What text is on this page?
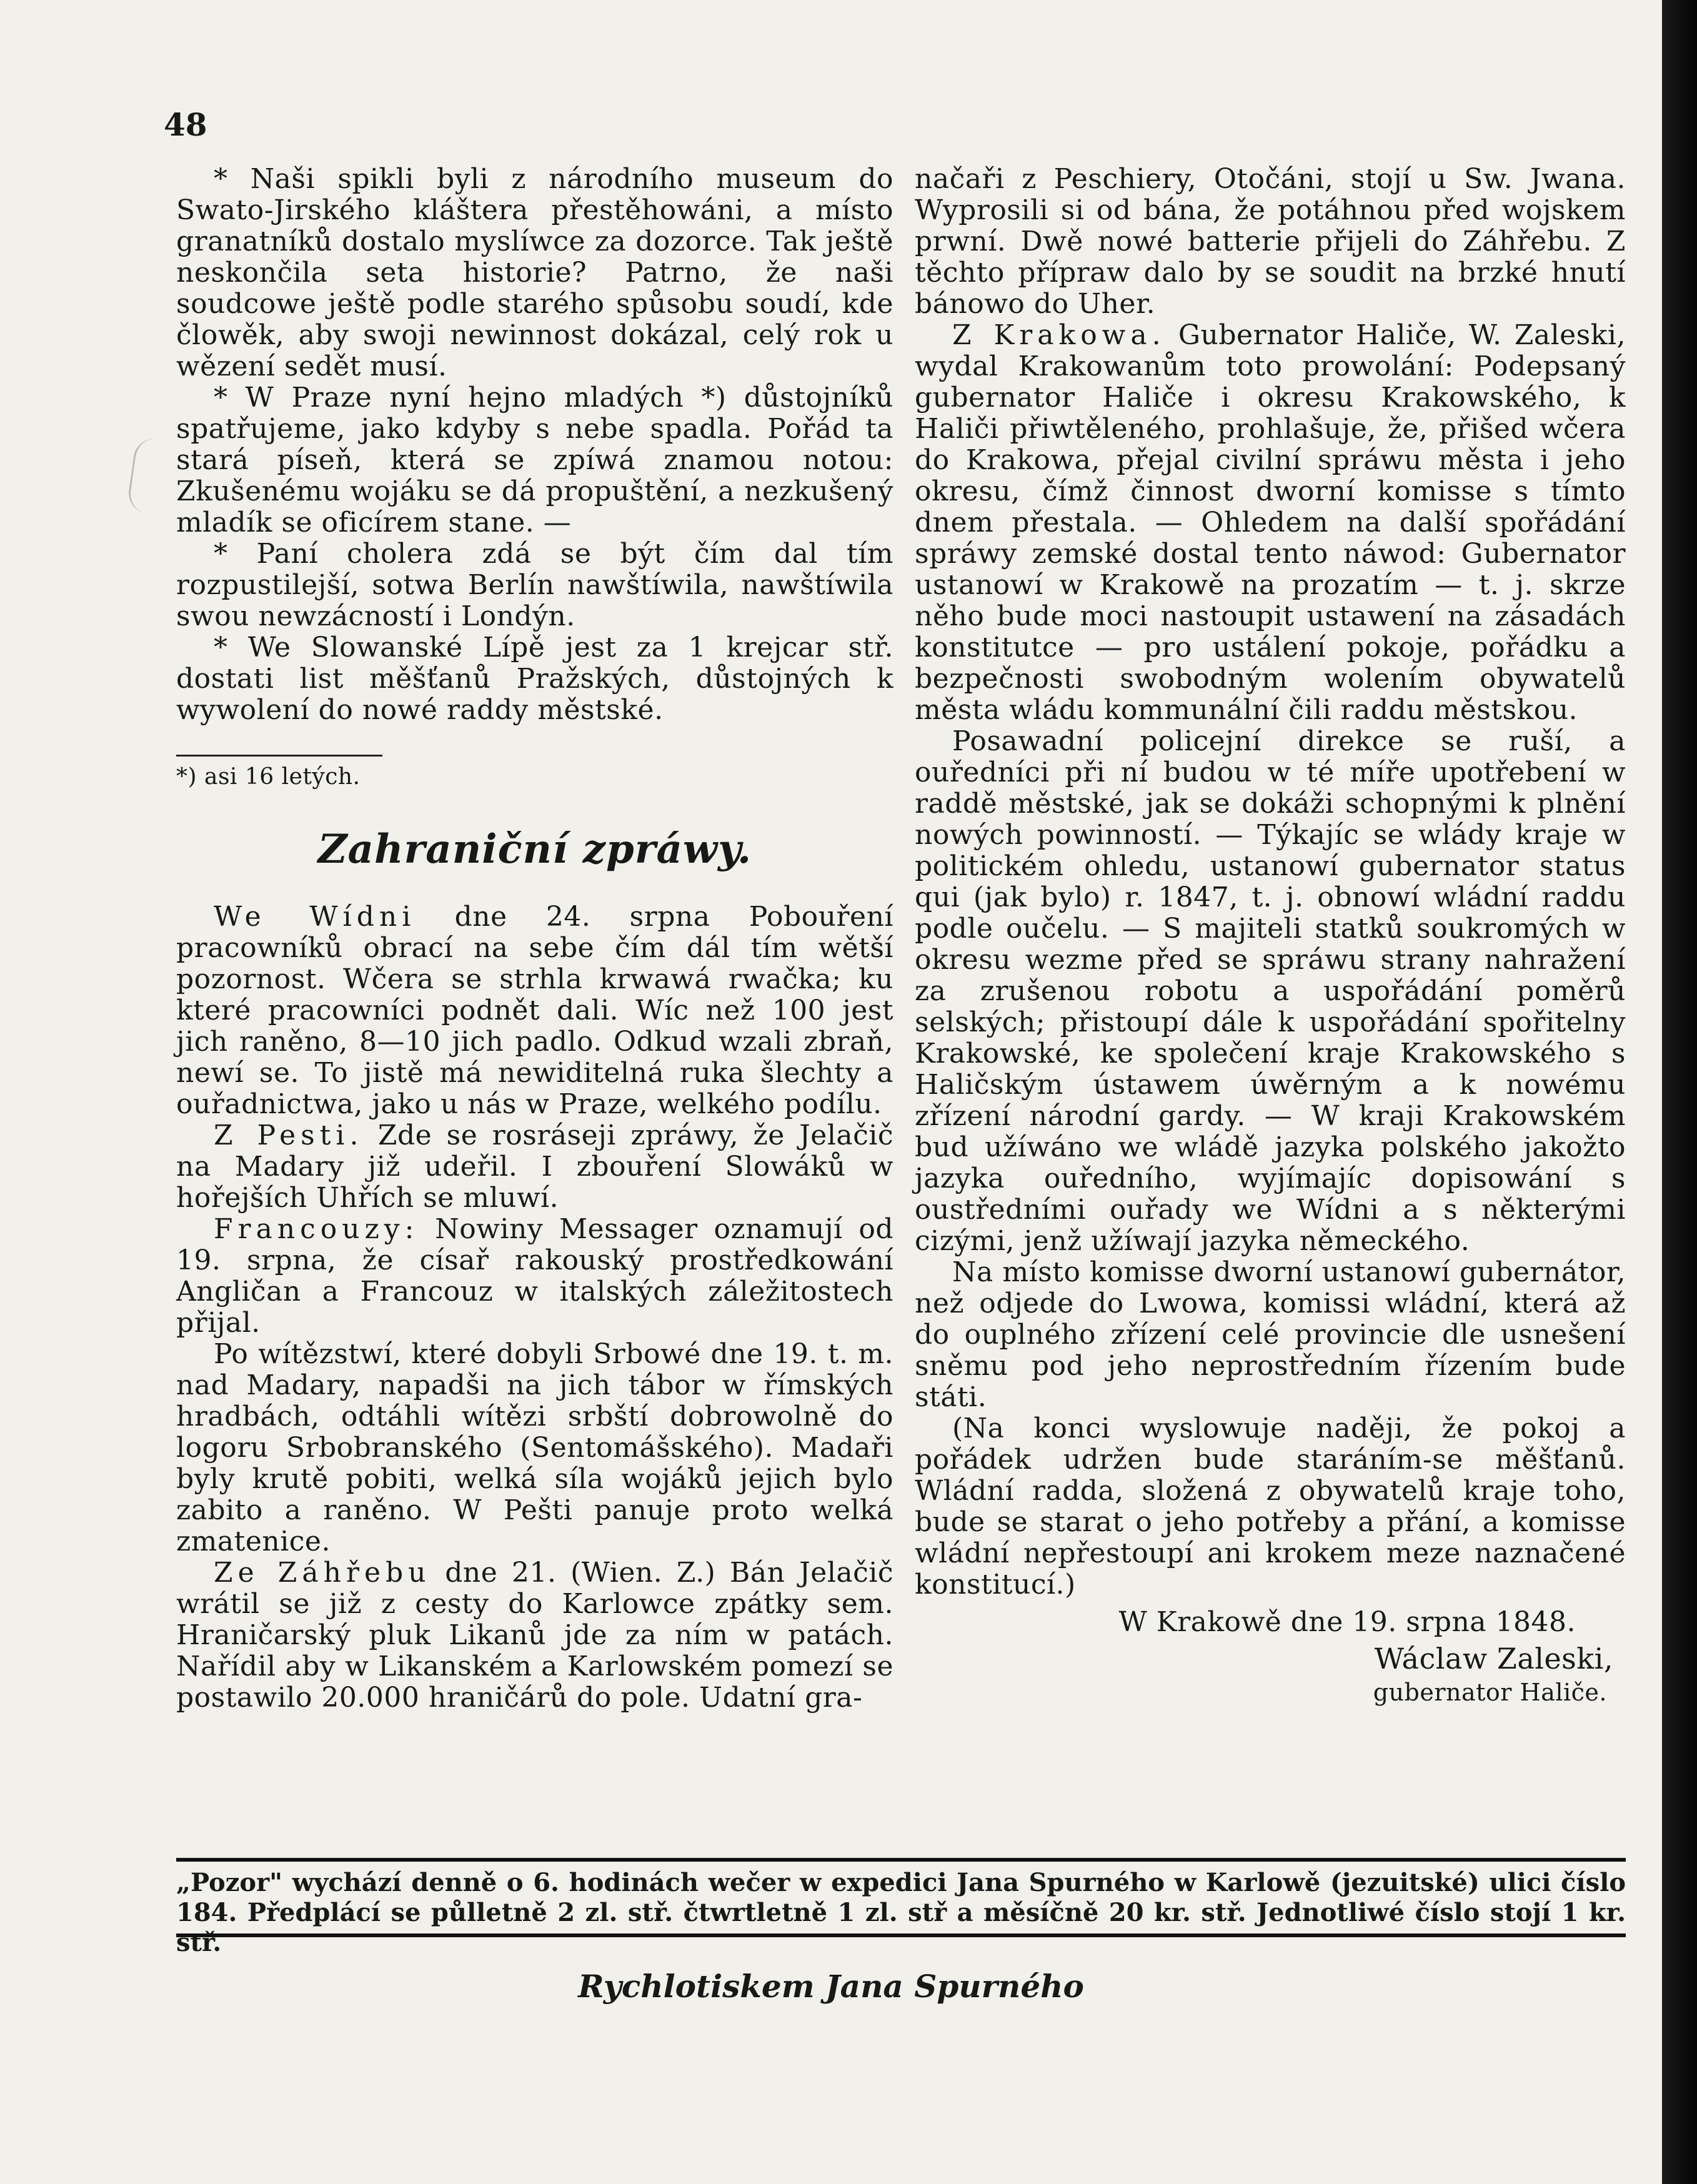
48

* Naši spikli byli z národního museum do Swato-Jirského kláštera přestěhowáni, a místo granatníků dostalo myslíwce za dozorce. Tak ještě neskončila seta historie? Patrno, že naši soudcowe ještě podle starého spůsobu soudí, kde člowěk, aby swoji newinnost dokázal, celý rok u wězení sedět musí.

* W Praze nyní hejno mladých *) důstojníků spatřujeme, jako kdyby s nebe spadla. Pořád ta stará píseň, která se zpíwá znamou notou: Zkušenému wojáku se dá propuštění, a nezkušený mladík se oficírem stane. —

* Paní cholera zdá se být čím dal tím rozpustilejší, sotwa Berlín nawštíwila, nawštíwila swou newzácností i Londýn.

* We Slowanské Lípě jest za 1 krejcar stř. dostati list měšťanů Pražských, důstojných k wywolení do nowé raddy městské.

*) asi 16 letých.

Zahraniční zpráwy.

We Wídni dne 24. srpna Pobouření pracowníků obrací na sebe čím dál tím wětší pozornost. Wčera se strhla krwawá rwačka; ku které pracowníci podnět dali. Wíc než 100 jest jich raněno, 8—10 jich padlo. Odkud wzali zbraň, newí se. To jistě má newiditelná ruka šlechty a ouřadnictwa, jako u nás w Praze, welkého podílu.

Z Pesti. Zde se rosráseji zpráwy, že Jelačič na Madary již udeřil. I zbouření Slowáků w hořejších Uhřích se mluwí.

Francouzy: Nowiny Messager oznamují od 19. srpna, že císař rakouský prostředkowání Angličan a Francouz w italských záležitostech přijal.

Po wítězstwí, které dobyli Srbowé dne 19. t. m. nad Madary, napadši na jich tábor w římských hradbách, odtáhli wítězi srbští dobrowolně do logoru Srbobranského (Sentomášského). Madaři byly krutě pobiti, welká síla wojáků jejich bylo zabito a raněno. W Pešti panuje proto welká zmatenice.

Ze Záhřebu dne 21. (Wien. Z.) Bán Jelačič wrátil se již z cesty do Karlowce zpátky sem. Hraničarský pluk Likanů jde za ním w patách. Nařídil aby w Likanském a Karlowském pomezí se postawilo 20.000 hraničárů do pole. Udatní gra-

načaři z Peschiery, Otočáni, stojí u Sw. Jwana. Wyprosili si od bána, že potáhnou před wojskem prwní. Dwě nowé batterie přijeli do Záhřebu. Z těchto přípraw dalo by se soudit na brzké hnutí bánowo do Uher.

Z Krakowa. Gubernator Haliče, W. Zaleski, wydal Krakowanům toto prowolání: Podepsaný gubernator Haliče i okresu Krakowského, k Haliči přiwtěleného, prohlašuje, že, přišed wčera do Krakowa, přejal civilní spráwu města i jeho okresu, čímž činnost dworní komisse s tímto dnem přestala. — Ohledem na další spořádání spráwy zemské dostal tento náwod: Gubernator ustanowí w Krakowě na prozatím — t. j. skrze něho bude moci nastoupit ustawení na zásadách konstitutce — pro ustálení pokoje, pořádku a bezpečnosti swobodným wolením obywatelů města wládu kommunální čili raddu městskou.

Posawadní policejní direkce se ruší, a ouředníci při ní budou w té míře upotřebení w raddě městské, jak se dokáži schopnými k plnění nowých powinností. — Týkajíc se wlády kraje w politickém ohledu, ustanowí gubernator status qui (jak bylo) r. 1847, t. j. obnowí wládní raddu podle oučelu. — S majiteli statků soukromých w okresu wezme před se spráwu strany nahražení za zrušenou robotu a uspořádání poměrů selských; přistoupí dále k uspořádání spořitelny Krakowské, ke společení kraje Krakowského s Haličským ústawem úwěrným a k nowému zřízení národní gardy. — W kraji Krakowském bud užíwáno we wládě jazyka polského jakožto jazyka ouředního, wyjímajíc dopisowání s oustředními ouřady we Wídni a s některými cizými, jenž užíwají jazyka německého.

Na místo komisse dworní ustanowí gubernátor, než odjede do Lwowa, komissi wládní, která až do ouplného zřízení celé provincie dle usnešení sněmu pod jeho neprostředním řízením bude státi.

(Na konci wyslowuje naději, že pokoj a pořádek udržen bude staráním-se měšťanů. Wládní radda, složená z obywatelů kraje toho, bude se starat o jeho potřeby a přání, a komisse wládní nepřestoupí ani krokem meze naznačené konstitucí.)

W Krakowě dne 19. srpna 1848.

Wáclaw Zaleski,
gubernator Haliče.

„Pozor" wychází denně o 6. hodinách wečer w expedici Jana Spurného w Karlowě (jezuitské) ulici číslo 184. Předplácí se půlletně 2 zl. stř. čtwrtletně 1 zl. stř a měsíčně 20 kr. stř. Jednotliwé číslo stojí 1 kr. stř.
Rychlotiskem Jana Spurného
